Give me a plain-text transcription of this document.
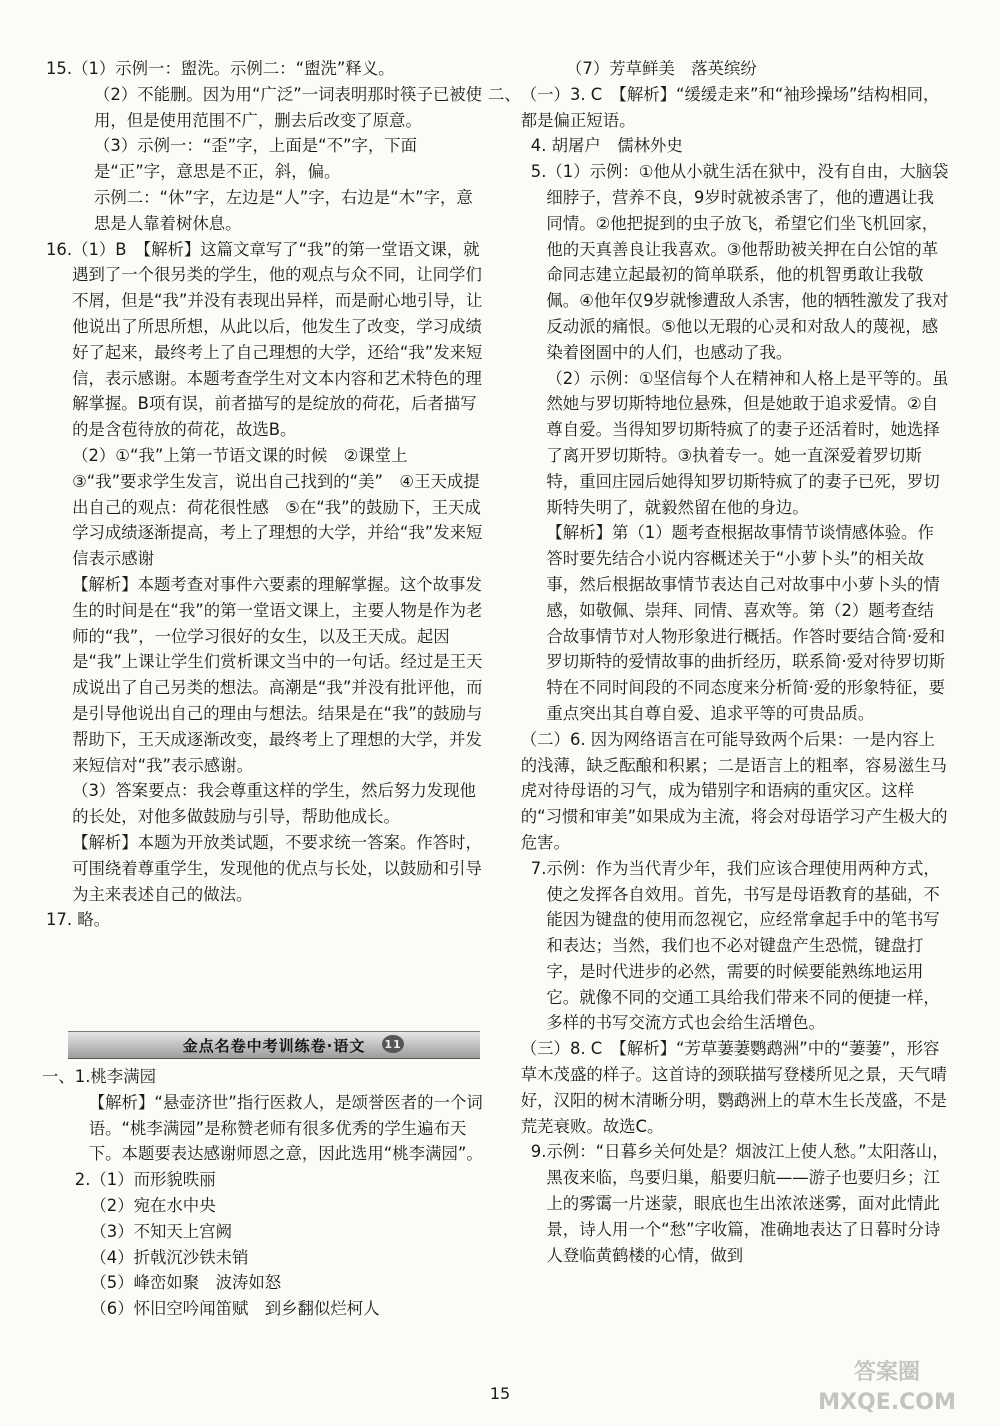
15.（1）示例一：盥洗。示例二：“盥洗”释义。

（2）不能删。因为用“广泛”一词表明那时筷子已被使用，但是使用范围不广，删去后改变了原意。

（3）示例一：“歪”字，上面是“不”字，下面是“正”字，意思是不正，斜，偏。

示例二：“休”字，左边是“人”字，右边是“木”字，意思是人靠着树休息。

16. （1）B　【解析】这篇文章写了“我”的第一堂语文课，就遇到了一个很另类的学生，他的观点与众不同，让同学们不屑，但是“我”并没有表现出异样，而是耐心地引导，让他说出了所思所想，从此以后，他发生了改变，学习成绩好了起来，最终考上了自己理想的大学，还给“我”发来短信，表示感谢。本题考查学生对文本内容和艺术特色的理解掌握。B项有误，前者描写的是绽放的荷花，后者描写的是含苞待放的荷花，故选B。

（2）①“我”上第一节语文课的时候　②课堂上　③“我”要求学生发言，说出自己找到的“美”　④王天成提出自己的观点：荷花很性感　⑤在“我”的鼓励下，王天成学习成绩逐渐提高，考上了理想的大学，并给“我”发来短信表示感谢

【解析】本题考查对事件六要素的理解掌握。这个故事发生的时间是在“我”的第一堂语文课上，主要人物是作为老师的“我”，一位学习很好的女生，以及王天成。起因是“我”上课让学生们赏析课文当中的一句话。经过是王天成说出了自己另类的想法。高潮是“我”并没有批评他，而是引导他说出自己的理由与想法。结果是在“我”的鼓励与帮助下，王天成逐渐改变，最终考上了理想的大学，并发来短信对“我”表示感谢。

（3）答案要点：我会尊重这样的学生，然后努力发现他的长处，对他多做鼓励与引导，帮助他成长。

【解析】本题为开放类试题，不要求统一答案。作答时，可围绕着尊重学生，发现他的优点与长处，以鼓励和引导为主来表述自己的做法。

17. 略。

金点名卷中考训练卷·语文 11
一、 1. 桃李满园

【解析】“悬壶济世”指行医救人，是颂誉医者的一个词语。“桃李满园”是称赞老师有很多优秀的学生遍布天下。本题要表达感谢师恩之意，因此选用“桃李满园”。

2. （1）而形貌昳丽

（2）宛在水中央

（3）不知天上宫阙

（4）折戟沉沙铁未销

（5）峰峦如聚　波涛如怒

（6）怀旧空吟闻笛赋　到乡翻似烂柯人

（7）芳草鲜美　落英缤纷

二、 （一）3. C　【解析】“缓缓走来”和“袖珍操场”结构相同，都是偏正短语。

4. 胡屠户　儒林外史

5. （1）示例：①他从小就生活在狱中，没有自由，大脑袋细脖子，营养不良，9岁时就被杀害了，他的遭遇让我同情。②他把捉到的虫子放飞，希望它们坐飞机回家，他的天真善良让我喜欢。③他帮助被关押在白公馆的革命同志建立起最初的简单联系，他的机智勇敢让我敬佩。④他年仅9岁就惨遭敌人杀害，他的牺牲激发了我对反动派的痛恨。⑤他以无瑕的心灵和对敌人的蔑视，感染着囹圄中的人们，也感动了我。

（2）示例：①坚信每个人在精神和人格上是平等的。虽然她与罗切斯特地位悬殊，但是她敢于追求爱情。②自尊自爱。当得知罗切斯特疯了的妻子还活着时，她选择了离开罗切斯特。③执着专一。她一直深爱着罗切斯特，重回庄园后她得知罗切斯特疯了的妻子已死，罗切斯特失明了，就毅然留在他的身边。

【解析】第（1）题考查根据故事情节谈情感体验。作答时要先结合小说内容概述关于“小萝卜头”的相关故事，然后根据故事情节表达自己对故事中小萝卜头的情感，如敬佩、崇拜、同情、喜欢等。第（2）题考查结合故事情节对人物形象进行概括。作答时要结合简·爱和罗切斯特的爱情故事的曲折经历，联系简·爱对待罗切斯特在不同时间段的不同态度来分析简·爱的形象特征，要重点突出其自尊自爱、追求平等的可贵品质。

（二）6. 因为网络语言在可能导致两个后果：一是内容上的浅薄，缺乏酝酿和积累；二是语言上的粗率，容易滋生马虎对待母语的习气，成为错别字和语病的重灾区。这样的“习惯和审美”如果成为主流，将会对母语学习产生极大的危害。

7. 示例：作为当代青少年，我们应该合理使用两种方式，使之发挥各自效用。首先，书写是母语教育的基础，不能因为键盘的使用而忽视它，应经常拿起手中的笔书写和表达；当然，我们也不必对键盘产生恐慌，键盘打字，是时代进步的必然，需要的时候要能熟练地运用它。就像不同的交通工具给我们带来不同的便捷一样，多样的书写交流方式也会给生活增色。

（三）8. C　【解析】“芳草萋萋鹦鹉洲”中的“萋萋”，形容草木茂盛的样子。这首诗的颈联描写登楼所见之景，天气晴好，汉阳的树木清晰分明，鹦鹉洲上的草木生长茂盛，不是荒芜衰败。故选C。

9. 示例：“日暮乡关何处是？烟波江上使人愁。”太阳落山，黑夜来临，鸟要归巢，船要归航——游子也要归乡；江上的雾霭一片迷蒙，眼底也生出浓浓迷雾，面对此情此景，诗人用一个“愁”字收篇，准确地表达了日暮时分诗人登临黄鹤楼的心情，做到

15
答案圈 MXQE.COM
